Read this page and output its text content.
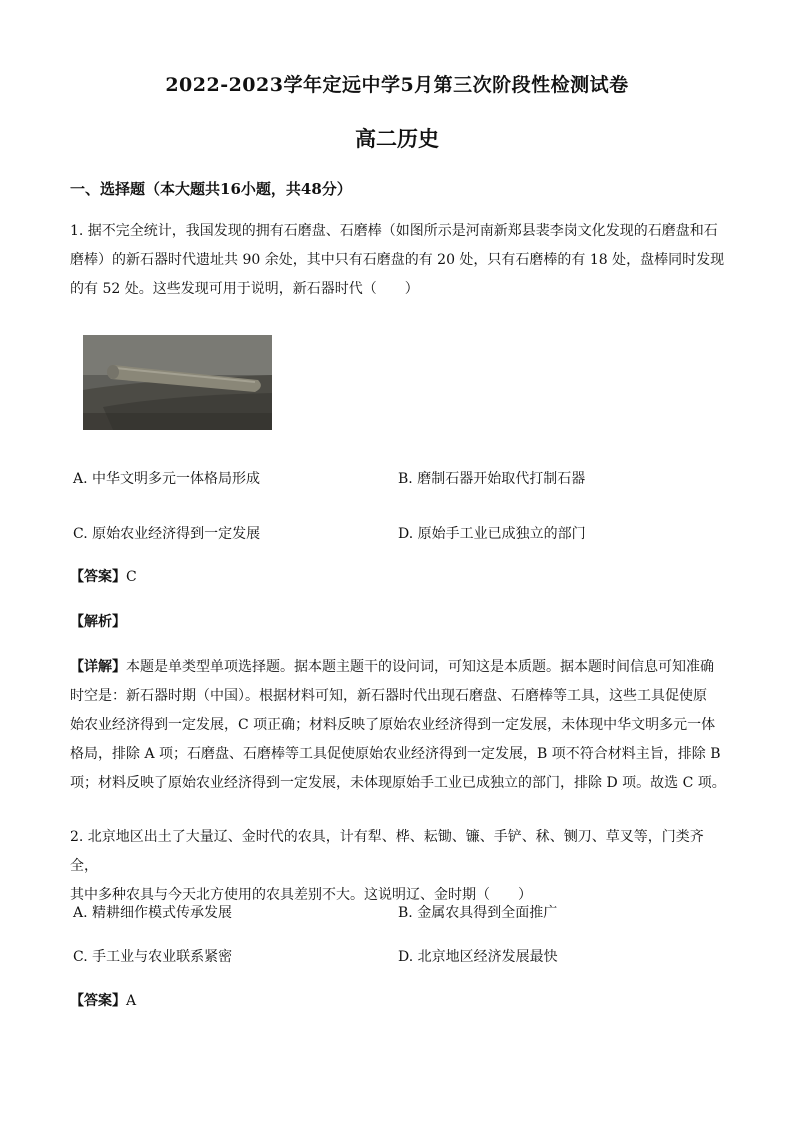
2022-2023学年定远中学5月第三次阶段性检测试卷
高二历史
一、选择题（本大题共16小题，共48分）
1. 据不完全统计，我国发现的拥有石磨盘、石磨棒（如图所示是河南新郑县裴李岗文化发现的石磨盘和石
磨棒）的新石器时代遗址共 90 余处，其中只有石磨盘的有 20 处，只有石磨棒的有 18 处，盘棒同时发现
的有 52 处。这些发现可用于说明，新石器时代（　　）
A. 中华文明多元一体格局形成	B. 磨制石器开始取代打制石器
C. 原始农业经济得到一定发展	D. 原始手工业已成独立的部门
【答案】C
【解析】
【详解】本题是单类型单项选择题。据本题主题干的设问词，可知这是本质题。据本题时间信息可知准确
时空是：新石器时期（中国）。根据材料可知，新石器时代出现石磨盘、石磨棒等工具，这些工具促使原
始农业经济得到一定发展，C 项正确；材料反映了原始农业经济得到一定发展，未体现中华文明多元一体
格局，排除 A 项；石磨盘、石磨棒等工具促使原始农业经济得到一定发展，B 项不符合材料主旨，排除 B
项；材料反映了原始农业经济得到一定发展，未体现原始手工业已成独立的部门，排除 D 项。故选 C 项。
2. 北京地区出土了大量辽、金时代的农具，计有犁、桦、耘锄、镰、手铲、秫、铡刀、草叉等，门类齐全，
其中多种农具与今天北方使用的农具差别不大。这说明辽、金时期（　　）
A. 精耕细作模式传承发展	B. 金属农具得到全面推广
C. 手工业与农业联系紧密	D. 北京地区经济发展最快
【答案】A
